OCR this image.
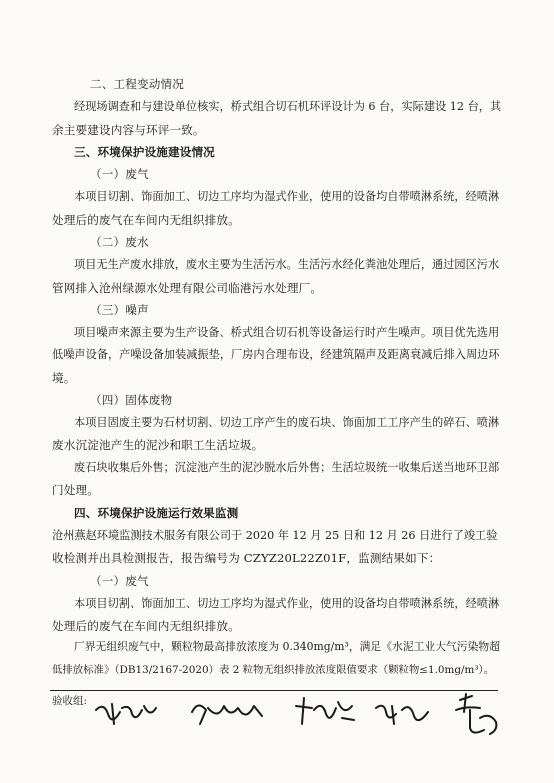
二、工程变动情况
经现场调查和与建设单位核实，桥式组合切石机环评设计为 6 台，实际建设 12 台，其
余主要建设内容与环评一致。
三、环境保护设施建设情况
（一）废气
本项目切割、饰面加工、切边工序均为湿式作业，使用的设备均自带喷淋系统，经喷淋
处理后的废气在车间内无组织排放。
（二）废水
项目无生产废水排放，废水主要为生活污水。生活污水经化粪池处理后，通过园区污水
管网排入沧州绿源水处理有限公司临港污水处理厂。
（三）噪声
项目噪声来源主要为生产设备、桥式组合切石机等设备运行时产生噪声。项目优先选用
低噪声设备，产噪设备加装减振垫，厂房内合理布设，经建筑隔声及距离衰减后排入周边环
境。
（四）固体废物
本项目固废主要为石材切割、切边工序产生的废石块、饰面加工工序产生的碎石、喷淋
废水沉淀池产生的泥沙和职工生活垃圾。
废石块收集后外售；沉淀池产生的泥沙脱水后外售；生活垃圾统一收集后送当地环卫部
门处理。
四、环境保护设施运行效果监测
沧州燕赵环境监测技术服务有限公司于 2020 年 12 月 25 日和 12 月 26 日进行了竣工验
收检测并出具检测报告，报告编号为 CZYZ20L22Z01F，监测结果如下：
（一）废气
本项目切割、饰面加工、切边工序均为湿式作业，使用的设备均自带喷淋系统，经喷淋
处理后的废气在车间内无组织排放。
厂界无组织废气中，颗粒物最高排放浓度为 0.340mg/m³，满足《水泥工业大气污染物超
低排放标准》（DB13/2167-2020）表 2 粒物无组织排放浓度限值要求（颗粒物≤1.0mg/m³）。
验收组:
